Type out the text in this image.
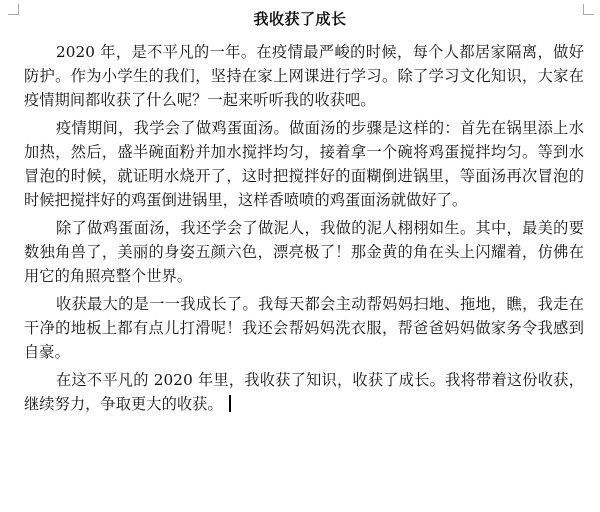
我收获了成长

2020 年，是不平凡的一年。在疫情最严峻的时候，每个人都居家隔离，做好防护。作为小学生的我们，坚持在家上网课进行学习。除了学习文化知识，大家在疫情期间都收获了什么呢？一起来听听我的收获吧。

疫情期间，我学会了做鸡蛋面汤。做面汤的步骤是这样的：首先在锅里添上水加热，然后，盛半碗面粉并加水搅拌均匀，接着拿一个碗将鸡蛋搅拌均匀。等到水冒泡的时候，就证明水烧开了，这时把搅拌好的面糊倒进锅里，等面汤再次冒泡的时候把搅拌好的鸡蛋倒进锅里，这样香喷喷的鸡蛋面汤就做好了。

除了做鸡蛋面汤，我还学会了做泥人，我做的泥人栩栩如生。其中，最美的要数独角兽了，美丽的身姿五颜六色，漂亮极了！那金黄的角在头上闪耀着，仿佛在用它的角照亮整个世界。

收获最大的是一一我成长了。我每天都会主动帮妈妈扫地、拖地，瞧，我走在干净的地板上都有点儿打滑呢！我还会帮妈妈洗衣服，帮爸爸妈妈做家务令我感到自豪。

在这不平凡的 2020 年里，我收获了知识，收获了成长。我将带着这份收获，继续努力，争取更大的收获。
